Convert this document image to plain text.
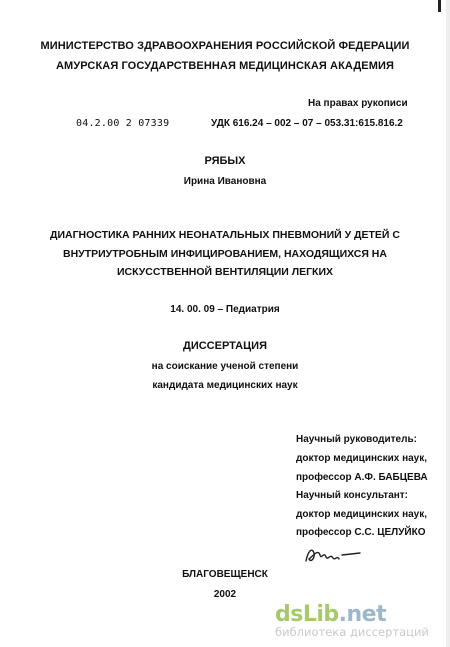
МИНИСТЕРСТВО ЗДРАВООХРАНЕНИЯ РОССИЙСКОЙ ФЕДЕРАЦИИ
АМУРСКАЯ ГОСУДАРСТВЕННАЯ МЕДИЦИНСКАЯ АКАДЕМИЯ
На правах рукописи
04.2.00 2 07339	УДК 616.24 – 002 – 07 – 053.31:615.816.2
РЯБЫХ
Ирина Ивановна
ДИАГНОСТИКА РАННИХ НЕОНАТАЛЬНЫХ ПНЕВМОНИЙ У ДЕТЕЙ С
ВНУТРИУТРОБНЫМ ИНФИЦИРОВАНИЕМ, НАХОДЯЩИХСЯ НА
ИСКУССТВЕННОЙ ВЕНТИЛЯЦИИ ЛЕГКИХ
14. 00. 09 – Педиатрия
ДИССЕРТАЦИЯ
на соискание ученой степени
кандидата медицинских наук
Научный руководитель:
доктор медицинских наук,
профессор А.Ф. БАБЦЕВА
Научный консультант:
доктор медицинских наук,
профессор С.С. ЦЕЛУЙКО
БЛАГОВЕЩЕНСК
2002
dsLib.net
библиотека диссертаций
